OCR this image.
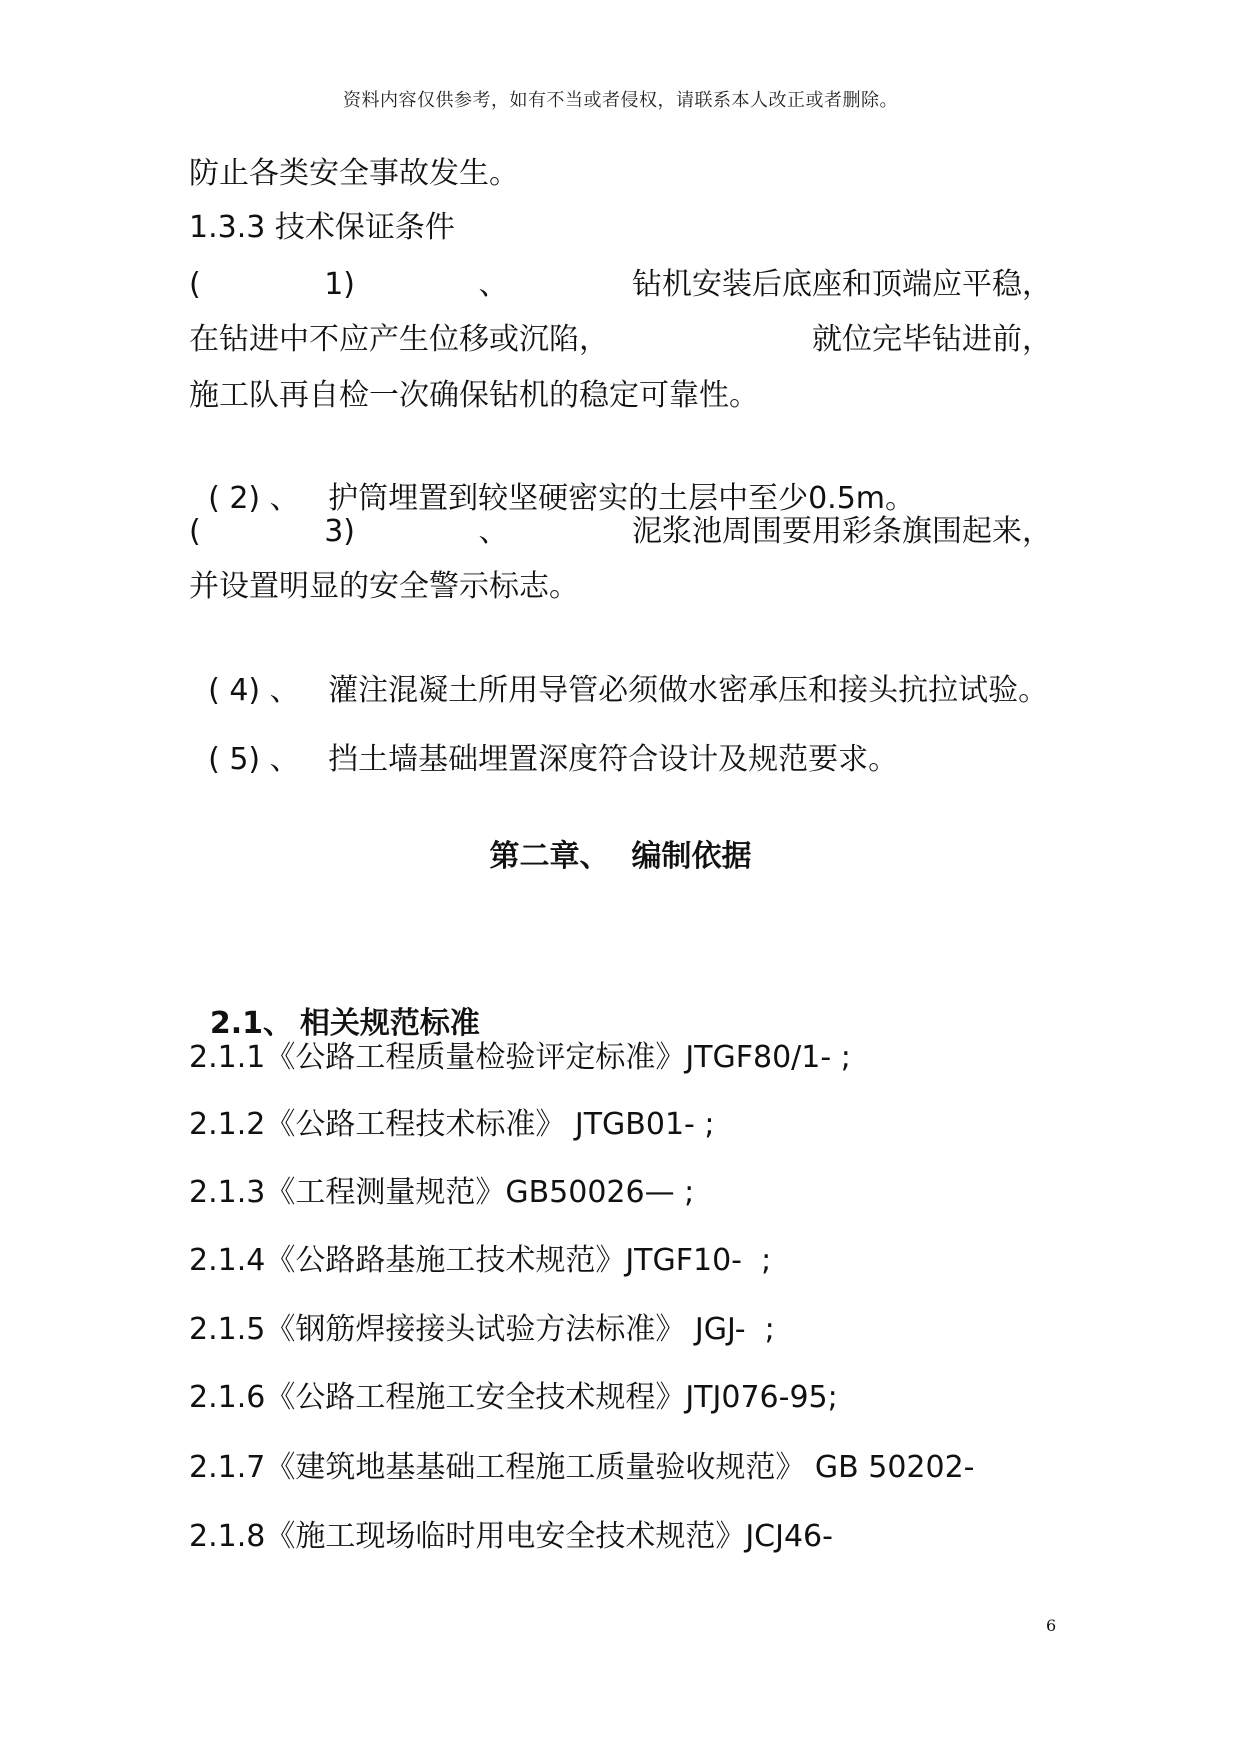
资料内容仅供参考，如有不当或者侵权，请联系本人改正或者删除。
防止各类安全事故发生。
1.3.3 技术保证条件
(	1)	、	钻机安装后底座和顶端应平稳，
在钻进中不应产生位移或沉陷，	就位完毕钻进前，
施工队再自检一次确保钻机的稳定可靠性。

( 2) 、 护筒埋置到较坚硬密实的土层中至少0.5m。

(	3)	、	泥浆池周围要用彩条旗围起来，
并设置明显的安全警示标志。

( 4) 、 灌注混凝土所用导管必须做水密承压和接头抗拉试验。

( 5) 、 挡土墙基础埋置深度符合设计及规范要求。

第二章、 编制依据

2.1、 相关规范标准

2.1.1《公路工程质量检验评定标准》JTGF80/1- ;
2.1.2《公路工程技术标准》 JTGB01- ;
2.1.3《工程测量规范》GB50026— ;
2.1.4《公路路基施工技术规范》JTGF10-  ;
2.1.5《钢筋焊接接头试验方法标准》 JGJ-  ;
2.1.6《公路工程施工安全技术规程》JTJ076-95;
2.1.7《建筑地基基础工程施工质量验收规范》 GB 50202-
2.1.8《施工现场临时用电安全技术规范》JCJ46-
6
